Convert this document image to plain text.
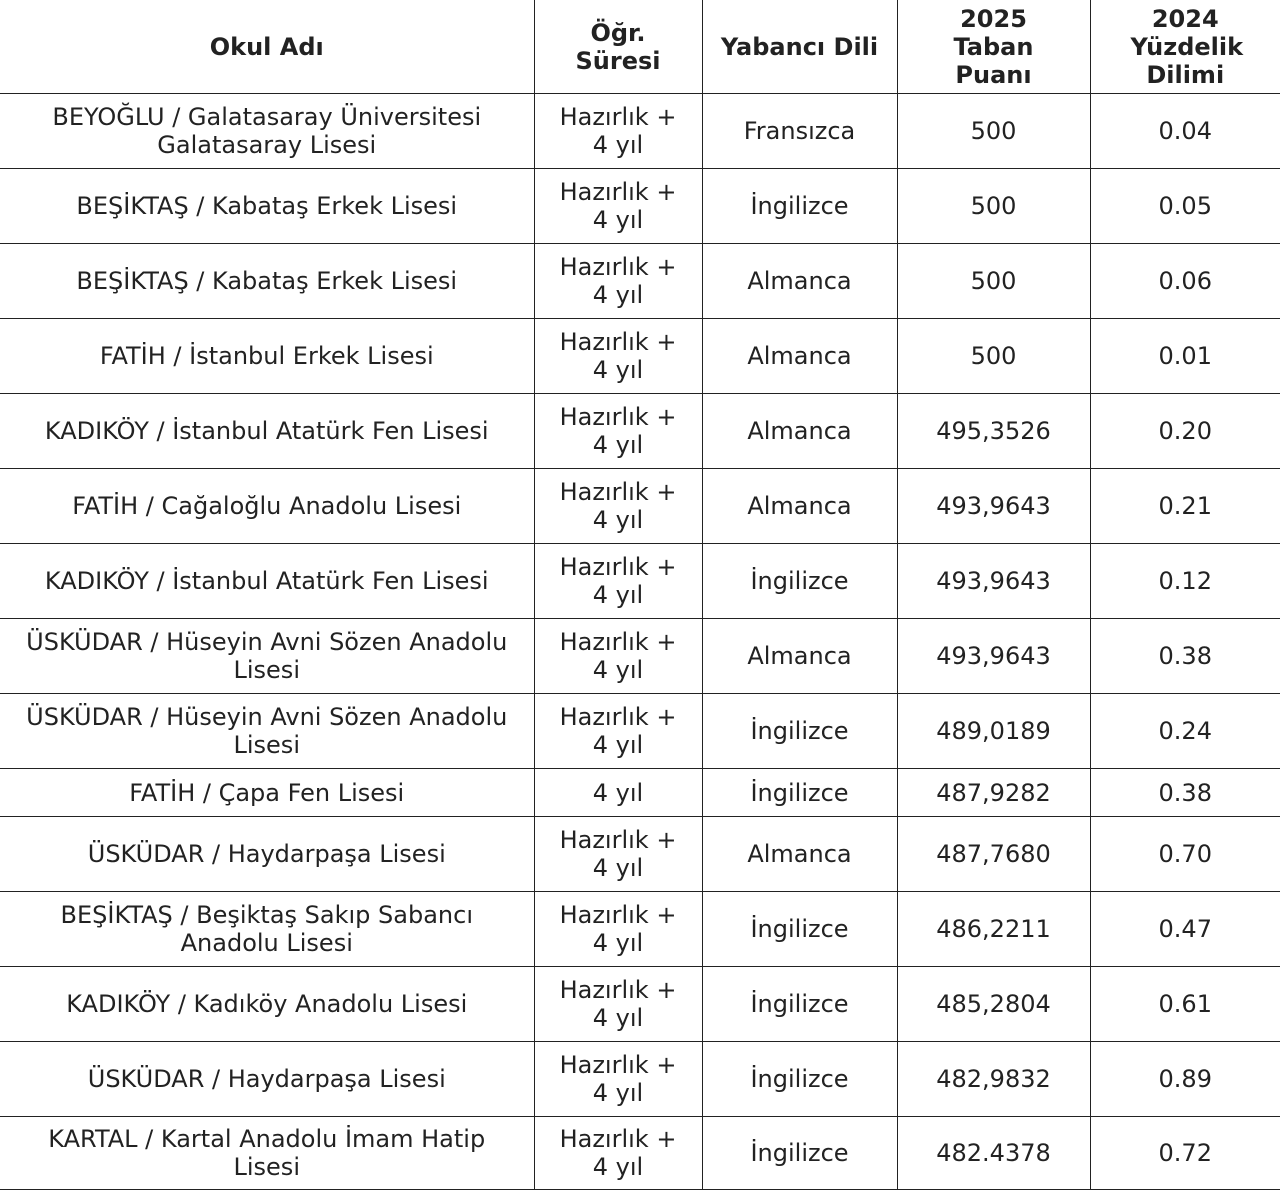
Okul Adı	Öğr. Süresi	Yabancı Dili	2025 Taban Puanı	2024 Yüzdelik Dilimi
BEYOĞLU / Galatasaray Üniversitesi Galatasaray Lisesi	Hazırlık + 4 yıl	Fransızca	500	0.04
BEŞİKTAŞ / Kabataş Erkek Lisesi	Hazırlık + 4 yıl	İngilizce	500	0.05
BEŞİKTAŞ / Kabataş Erkek Lisesi	Hazırlık + 4 yıl	Almanca	500	0.06
FATİH / İstanbul Erkek Lisesi	Hazırlık + 4 yıl	Almanca	500	0.01
KADIKÖY / İstanbul Atatürk Fen Lisesi	Hazırlık + 4 yıl	Almanca	495,3526	0.20
FATİH / Cağaloğlu Anadolu Lisesi	Hazırlık + 4 yıl	Almanca	493,9643	0.21
KADIKÖY / İstanbul Atatürk Fen Lisesi	Hazırlık + 4 yıl	İngilizce	493,9643	0.12
ÜSKÜDAR / Hüseyin Avni Sözen Anadolu Lisesi	Hazırlık + 4 yıl	Almanca	493,9643	0.38
ÜSKÜDAR / Hüseyin Avni Sözen Anadolu Lisesi	Hazırlık + 4 yıl	İngilizce	489,0189	0.24
FATİH / Çapa Fen Lisesi	4 yıl	İngilizce	487,9282	0.38
ÜSKÜDAR / Haydarpaşa Lisesi	Hazırlık + 4 yıl	Almanca	487,7680	0.70
BEŞİKTAŞ / Beşiktaş Sakıp Sabancı Anadolu Lisesi	Hazırlık + 4 yıl	İngilizce	486,2211	0.47
KADIKÖY / Kadıköy Anadolu Lisesi	Hazırlık + 4 yıl	İngilizce	485,2804	0.61
ÜSKÜDAR / Haydarpaşa Lisesi	Hazırlık + 4 yıl	İngilizce	482,9832	0.89
KARTAL / Kartal Anadolu İmam Hatip Lisesi	Hazırlık + 4 yıl	İngilizce	482.4378	0.72
